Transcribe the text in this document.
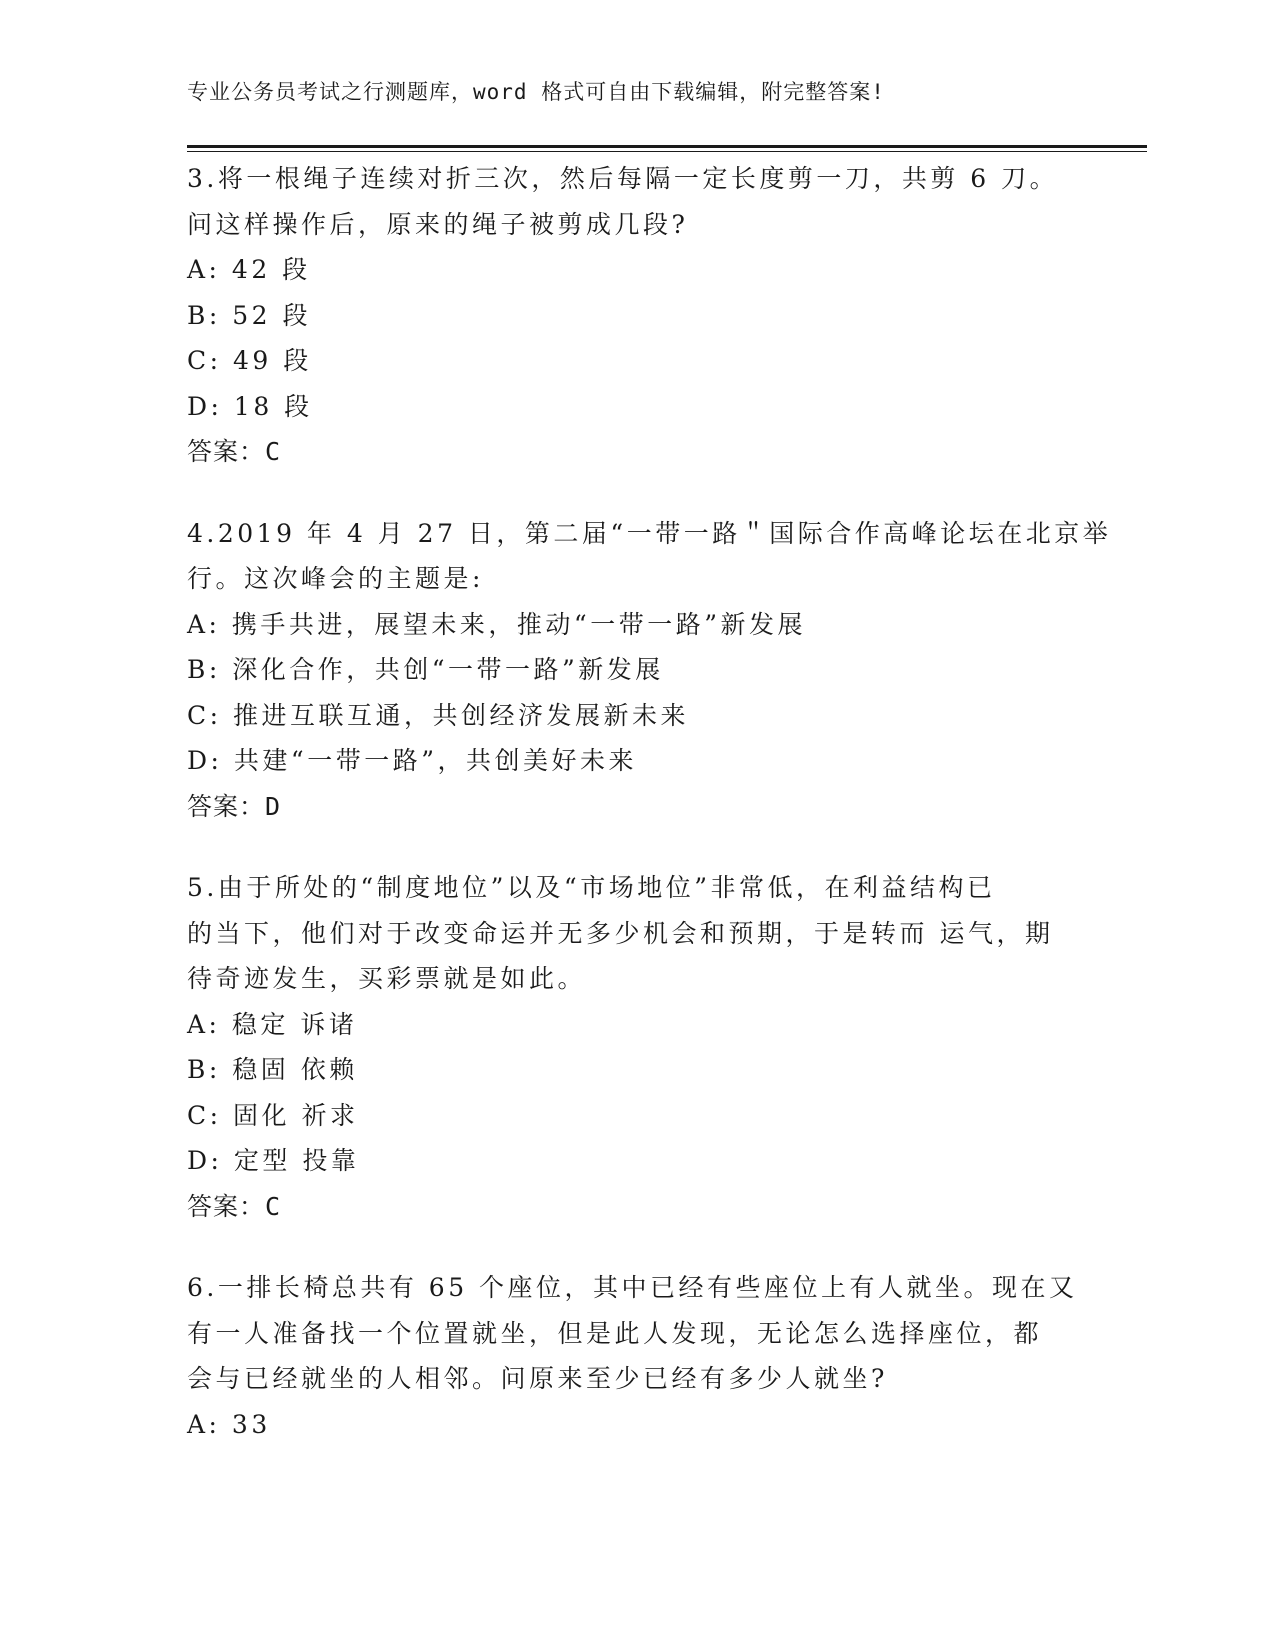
专业公务员考试之行测题库，word 格式可自由下载编辑，附完整答案!
3.将一根绳子连续对折三次，然后每隔一定长度剪一刀，共剪 6 刀。
问这样操作后，原来的绳子被剪成几段?
A: 42 段
B: 52 段
C: 49 段
D: 18 段
答案：C
4.2019 年 4 月 27 日，第二届“一带一路＂国际合作高峰论坛在北京举
行。这次峰会的主题是:
A: 携手共进，展望未来，推动“一带一路”新发展
B: 深化合作，共创“一带一路”新发展
C: 推进互联互通，共创经济发展新未来
D: 共建“一带一路”，共创美好未来
答案：D
5.由于所处的“制度地位”以及“市场地位”非常低，在利益结构已
的当下，他们对于改变命运并无多少机会和预期，于是转而 运气，期
待奇迹发生，买彩票就是如此。
A: 稳定 诉诸
B: 稳固 依赖
C: 固化 祈求
D: 定型 投靠
答案：C
6.一排长椅总共有 65 个座位，其中已经有些座位上有人就坐。现在又
有一人准备找一个位置就坐，但是此人发现，无论怎么选择座位，都
会与已经就坐的人相邻。问原来至少已经有多少人就坐?
A: 33
